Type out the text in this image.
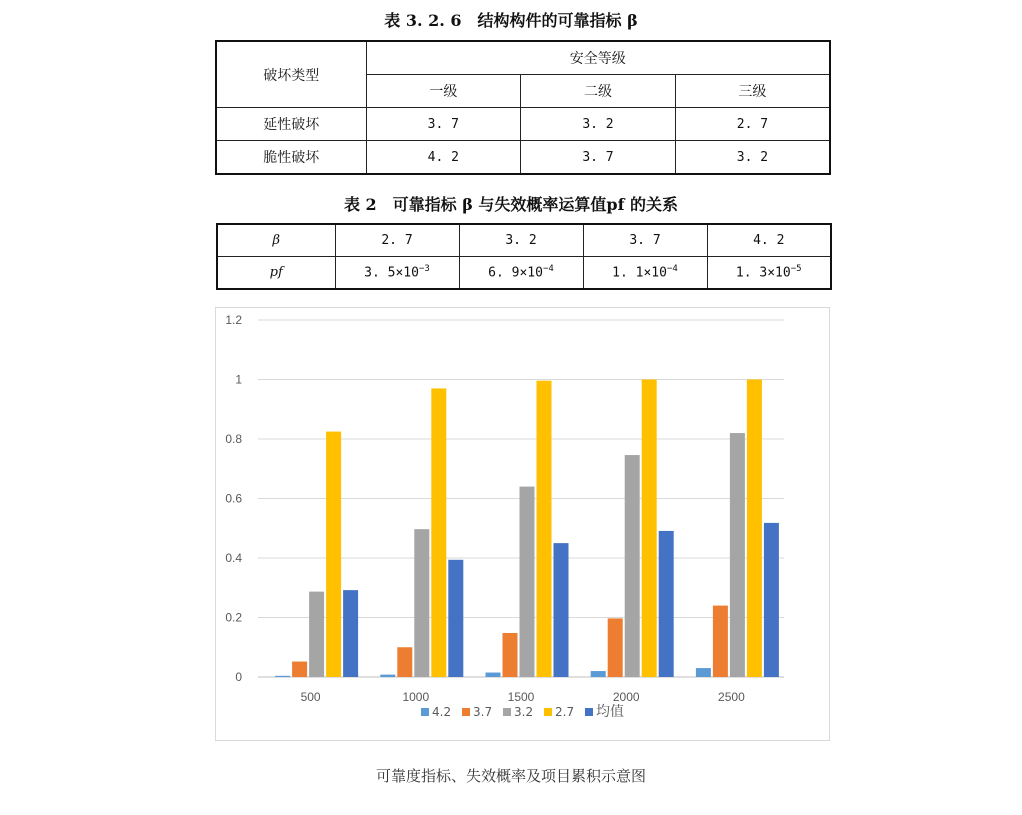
表 3. 2. 6　结构构件的可靠指标 β
破坏类型	安全等级		
	一级	二级	三级
延性破坏	3. 7	3. 2	2. 7
脆性破坏	4. 2	3. 7	3. 2
表 2　可靠指标 β 与失效概率运算值pf 的关系
β	2. 7	3. 2	3. 7	4. 2
pf	3. $5\times 10^{-3}$	6. $9\times 10^{-4}$	1. $1\times 10^{-4}$	1. $3\times 10^{-5}$
0
0.2
0.4
0.6
0.8
1
1.2
500	1000	1500	2000	2500
4.2 3.7 3.2 2.7 均值
可靠度指标、失效概率及项目累积示意图
